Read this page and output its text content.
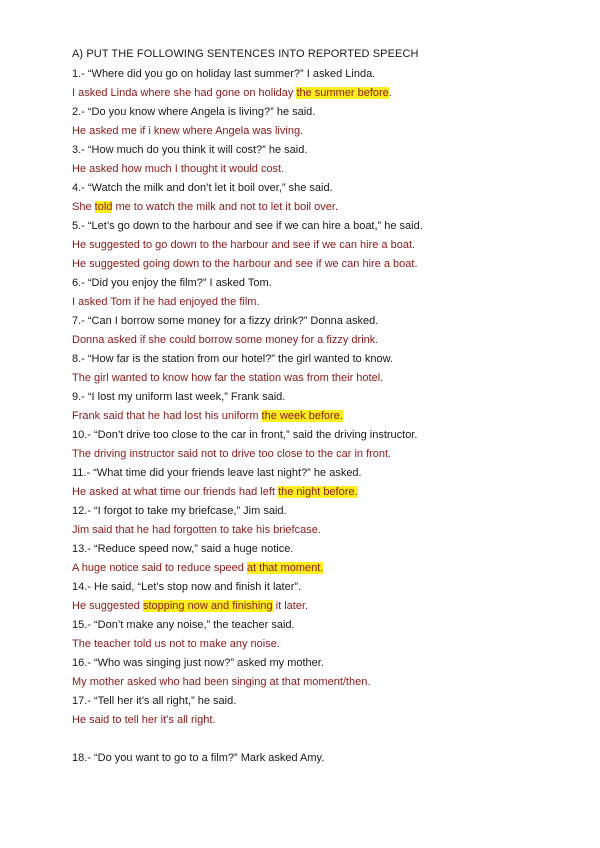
A) PUT THE FOLLOWING SENTENCES INTO REPORTED SPEECH
1.- “Where did you go on holiday last summer?” I asked Linda.
I asked Linda where she had gone on holiday the summer before.
2.- “Do you know where Angela is living?” he said.
He asked me if i knew where Angela was living.
3.- “How much do you think it will cost?” he said.
He asked how much I thought it would cost.
4.- “Watch the milk and don’t let it boil over,” she said.
She told me to watch the milk and not to let it boil over.
5.- “Let’s go down to the harbour and see if we can hire a boat,” he said.
He suggested to go down to the harbour and see if we can hire a boat.
He suggested going down to the harbour and see if we can hire a boat.
6.- “Did you enjoy the film?” I asked Tom.
I asked Tom if he had enjoyed the film.
7.- “Can I borrow some money for a fizzy drink?” Donna asked.
Donna asked if she could borrow some money for a fizzy drink.
8.- “How far is the station from our hotel?” the girl wanted to know.
The girl wanted to know how far the station was from their hotel.
9.- “I lost my uniform last week,” Frank said.
Frank said that he had lost his uniform the week before.
10.- “Don’t drive too close to the car in front,” said the driving instructor.
The driving instructor said not to drive too close to the car in front.
11.- “What time did your friends leave last night?” he asked.
He asked at what time our friends had left the night before.
12.- “I forgot to take my briefcase,” Jim said.
Jim said that he had forgotten to take his briefcase.
13.- “Reduce speed now,” said a huge notice.
A huge notice said to reduce speed at that moment.
14.- He said, “Let’s stop now and finish it later”.
He suggested stopping now and finishing it later.
15.- “Don’t make any noise,” the teacher said.
The teacher told us not to make any noise.
16.- “Who was singing just now?” asked my mother.
My mother asked who had been singing at that moment/then.
17.- “Tell her it’s all right,” he said.
He said to tell her it’s all right.
18.- “Do you want to go to a film?” Mark asked Amy.
